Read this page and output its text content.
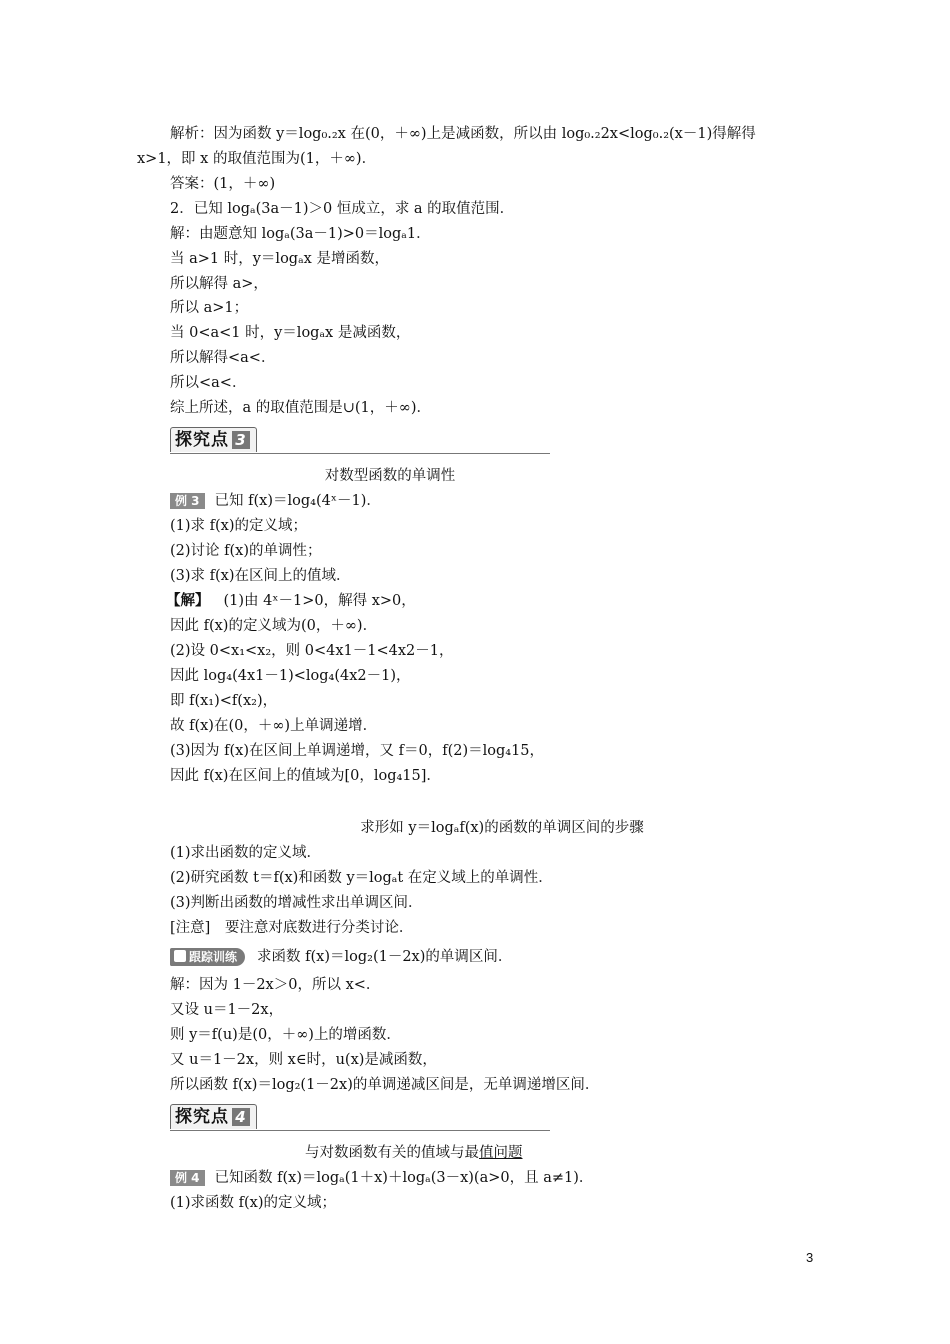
解析：因为函数 y＝log₀.₂x 在(0，＋∞)上是减函数，所以由 log₀.₂2x<log₀.₂(x－1)得解得
x>1，即 x 的取值范围为(1，＋∞)．
答案：(1，＋∞)
2．已知 logₐ(3a－1)＞0 恒成立，求 a 的取值范围．
解：由题意知 logₐ(3a－1)>0＝logₐ1．
当 a>1 时，y＝logₐx 是增函数，
所以解得 a>，
所以 a>1；
当 0<a<1 时，y＝logₐx 是减函数，
所以解得<a<．
所以<a<．
综上所述，a 的取值范围是∪(1，＋∞)．
探究点 3
对数型函数的单调性
例 3 已知 f(x)＝log₄(4ˣ－1)．
(1)求 f(x)的定义域；
(2)讨论 f(x)的单调性；
(3)求 f(x)在区间上的值域．
【解】 (1)由 4ˣ－1>0，解得 x>0，
因此 f(x)的定义域为(0，＋∞)．
(2)设 0<x₁<x₂，则 0<4x1－1<4x2－1，
因此 log₄(4x1－1)<log₄(4x2－1)，
即 f(x₁)<f(x₂)，
故 f(x)在(0，＋∞)上单调递增．
(3)因为 f(x)在区间上单调递增，又 f＝0，f(2)＝log₄15，
因此 f(x)在区间上的值域为[0，log₄15]．
求形如 y＝logₐf(x)的函数的单调区间的步骤
(1)求出函数的定义域．
(2)研究函数 t＝f(x)和函数 y＝logₐt 在定义域上的单调性．
(3)判断出函数的增减性求出单调区间．
[注意]　要注意对底数进行分类讨论．
跟踪训练 求函数 f(x)＝log₂(1－2x)的单调区间．
解：因为 1－2x＞0，所以 x<．
又设 u＝1－2x，
则 y＝f(u)是(0，＋∞)上的增函数．
又 u＝1－2x，则 x∈时，u(x)是减函数，
所以函数 f(x)＝log₂(1－2x)的单调递减区间是，无单调递增区间．
探究点 4
与对数函数有关的值域与最值问题
例 4 已知函数 f(x)＝logₐ(1＋x)＋logₐ(3－x)(a>0，且 a≠1)．
(1)求函数 f(x)的定义域；
3
